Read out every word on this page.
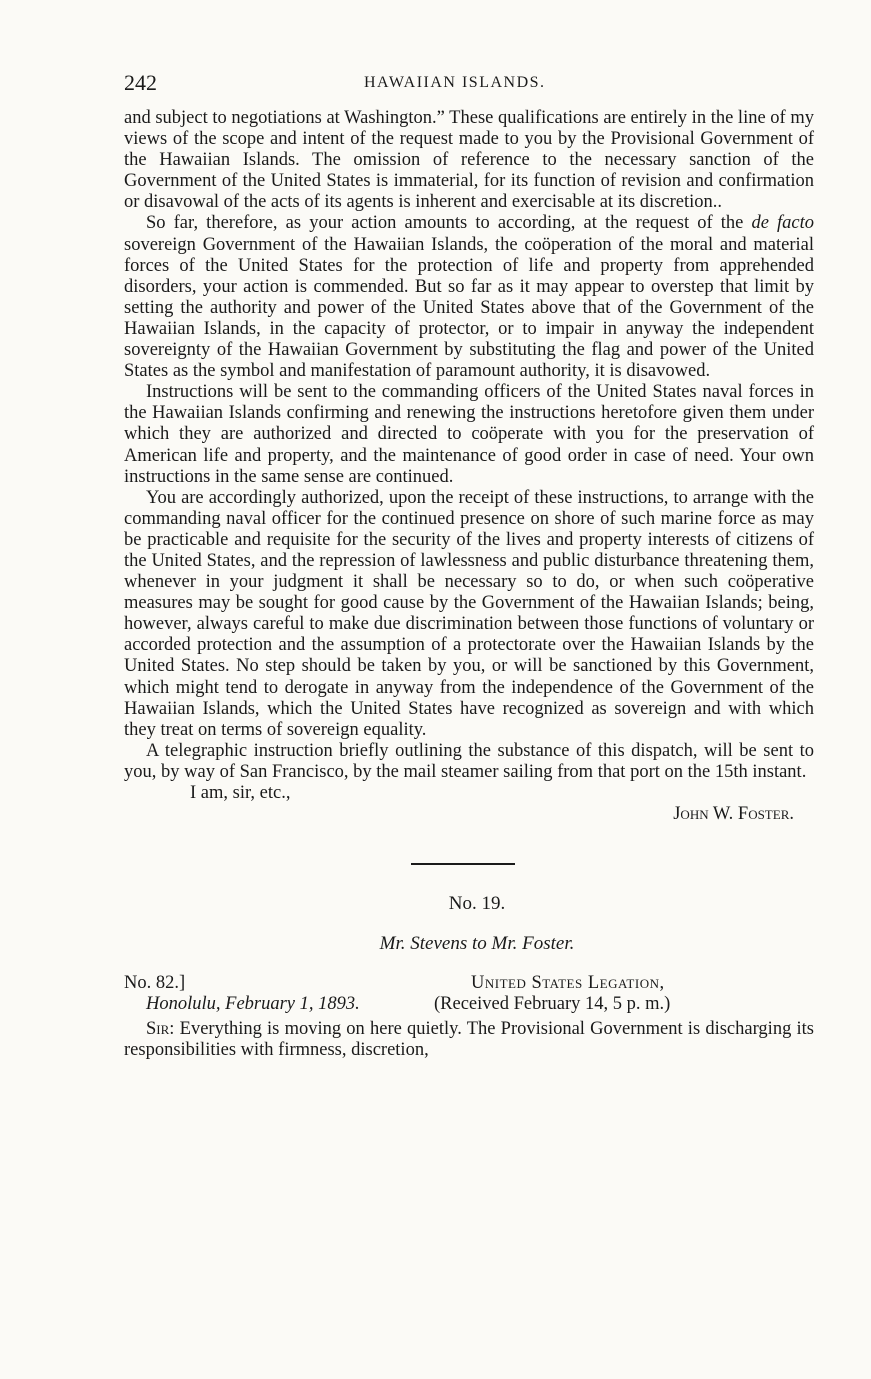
242	HAWAIIAN ISLANDS.

and subject to negotiations at Washington.” These qualifications are entirely in the line of my views of the scope and intent of the request made to you by the Provisional Government of the Hawaiian Islands. The omission of reference to the necessary sanction of the Government of the United States is immaterial, for its function of revision and confirmation or disavowal of the acts of its agents is inherent and exercisable at its discretion..

So far, therefore, as your action amounts to according, at the request of the de facto sovereign Government of the Hawaiian Islands, the coöperation of the moral and material forces of the United States for the protection of life and property from apprehended disorders, your action is commended. But so far as it may appear to overstep that limit by setting the authority and power of the United States above that of the Government of the Hawaiian Islands, in the capacity of protector, or to impair in anyway the independent sovereignty of the Hawaiian Government by substituting the flag and power of the United States as the symbol and manifestation of paramount authority, it is disavowed.

Instructions will be sent to the commanding officers of the United States naval forces in the Hawaiian Islands confirming and renewing the instructions heretofore given them under which they are authorized and directed to coöperate with you for the preservation of American life and property, and the maintenance of good order in case of need. Your own instructions in the same sense are continued.

You are accordingly authorized, upon the receipt of these instructions, to arrange with the commanding naval officer for the continued presence on shore of such marine force as may be practicable and requisite for the security of the lives and property interests of citizens of the United States, and the repression of lawlessness and public disturbance threatening them, whenever in your judgment it shall be necessary so to do, or when such coöperative measures may be sought for good cause by the Government of the Hawaiian Islands; being, however, always careful to make due discrimination between those functions of voluntary or accorded protection and the assumption of a protectorate over the Hawaiian Islands by the United States. No step should be taken by you, or will be sanctioned by this Government, which might tend to derogate in anyway from the independence of the Government of the Hawaiian Islands, which the United States have recognized as sovereign and with which they treat on terms of sovereign equality.

A telegraphic instruction briefly outlining the substance of this dispatch, will be sent to you, by way of San Francisco, by the mail steamer sailing from that port on the 15th instant.

I am, sir, etc.,

John W. Foster.

No. 19.
Mr. Stevens to Mr. Foster.
No. 82.]	United States Legation,
Honolulu, February 1, 1893.	(Received February 14, 5 p. m.)

Sir: Everything is moving on here quietly. The Provisional Government is discharging its responsibilities with firmness, discretion,
